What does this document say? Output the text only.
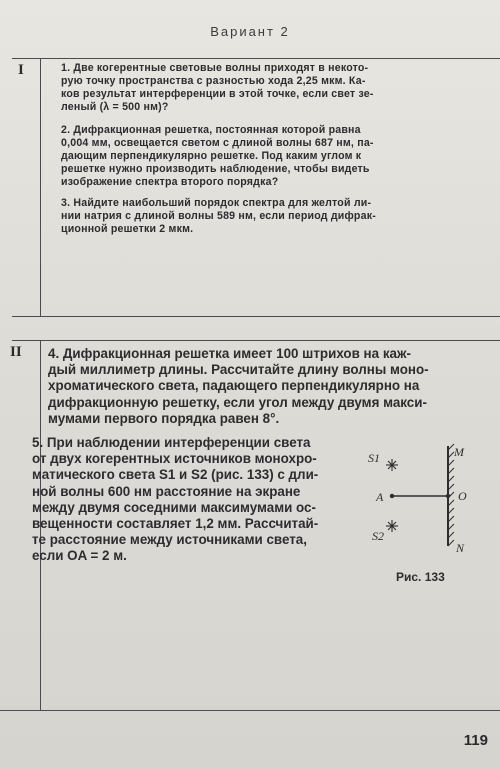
Вариант 2
I	1. Две когерентные световые волны приходят в некото-
рую точку пространства с разностью хода 2,25 мкм. Ка-
ков результат интерференции в этой точке, если свет зе-
леный (λ = 500 нм)?
2. Дифракционная решетка, постоянная которой равна
0,004 мм, освещается светом с длиной волны 687 нм, па-
дающим перпендикулярно решетке. Под каким углом к
решетке нужно производить наблюдение, чтобы видеть
изображение спектра второго порядка?
3. Найдите наибольший порядок спектра для желтой ли-
нии натрия с длиной волны 589 нм, если период дифрак-
ционной решетки 2 мкм.
II 4. Дифракционная решетка имеет 100 штрихов на каж-
дый миллиметр длины. Рассчитайте длину волны моно-
хроматического света, падающего перпендикулярно на
дифракционную решетку, если угол между двумя макси-
мумами первого порядка равен 8°.
5. При наблюдении интерференции света
от двух когерентных источников монохро-
матического света S1 и S2 (рис. 133) с дли-
ной волны 600 нм расстояние на экране
между двумя соседними максимумами ос-
вещенности составляет 1,2 мм. Рассчитай-
те расстояние между источниками света,
если OA = 2 м.
M
S1
A	O
S2
N
Рис. 133
119
